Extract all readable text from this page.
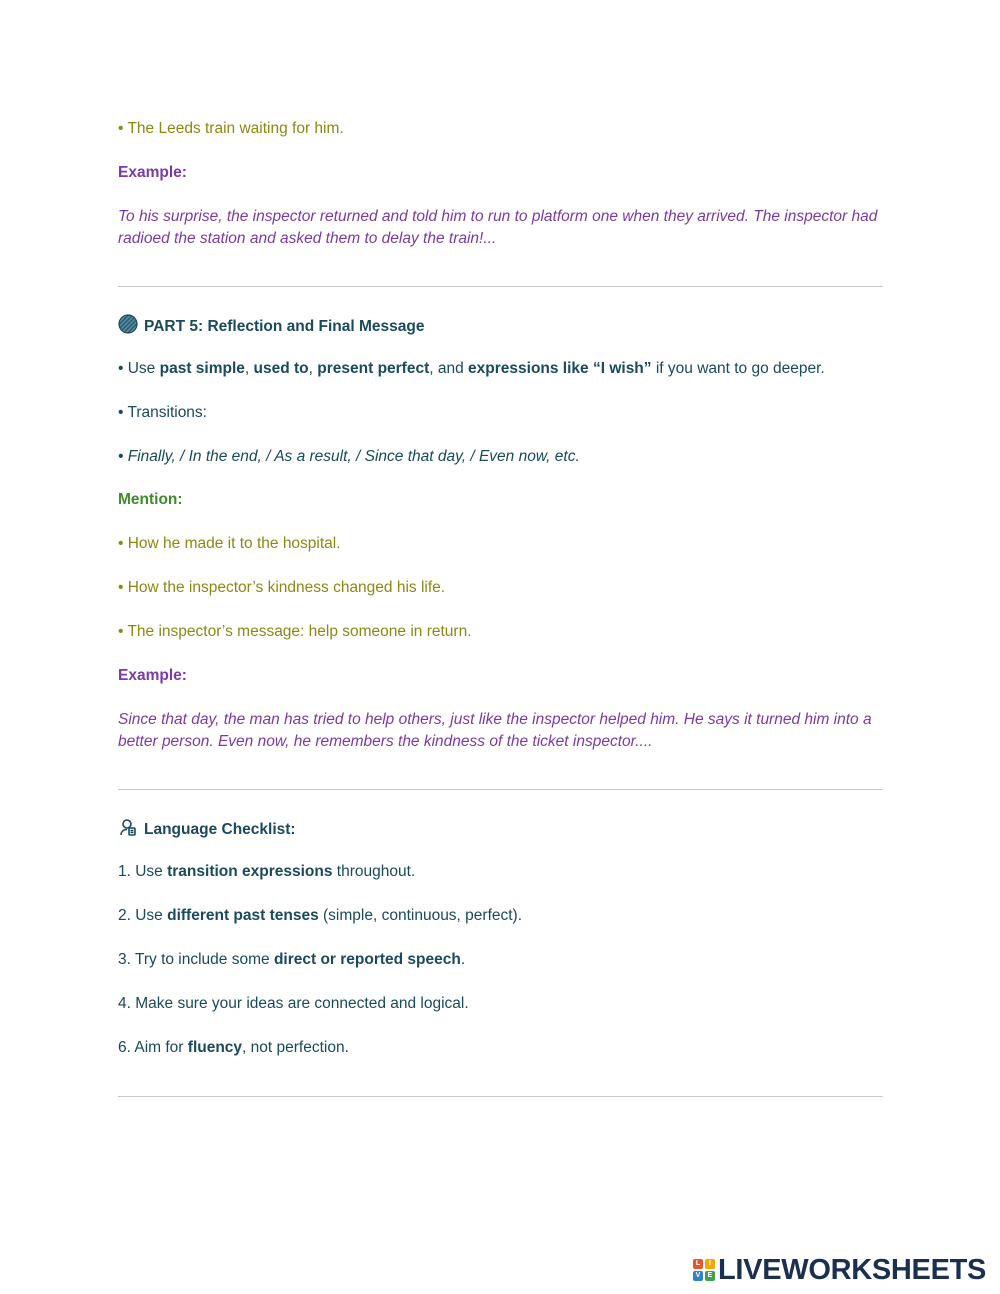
• The Leeds train waiting for him.
Example:
To his surprise, the inspector returned and told him to run to platform one when they arrived. The inspector had radioed the station and asked them to delay the train!...
PART 5: Reflection and Final Message
• Use past simple, used to, present perfect, and expressions like “I wish” if you want to go deeper.
• Transitions:
• Finally, / In the end, / As a result, / Since that day, / Even now, etc.
Mention:
• How he made it to the hospital.
• How the inspector’s kindness changed his life.
• The inspector’s message: help someone in return.
Example:
Since that day, the man has tried to help others, just like the inspector helped him. He says it turned him into a better person. Even now, he remembers the kindness of the ticket inspector....
Language Checklist:
1. Use transition expressions throughout.
2. Use different past tenses (simple, continuous, perfect).
3. Try to include some direct or reported speech.
4. Make sure your ideas are connected and logical.
6. Aim for fluency, not perfection.
L	I
V	E LIVEWORKSHEETS
